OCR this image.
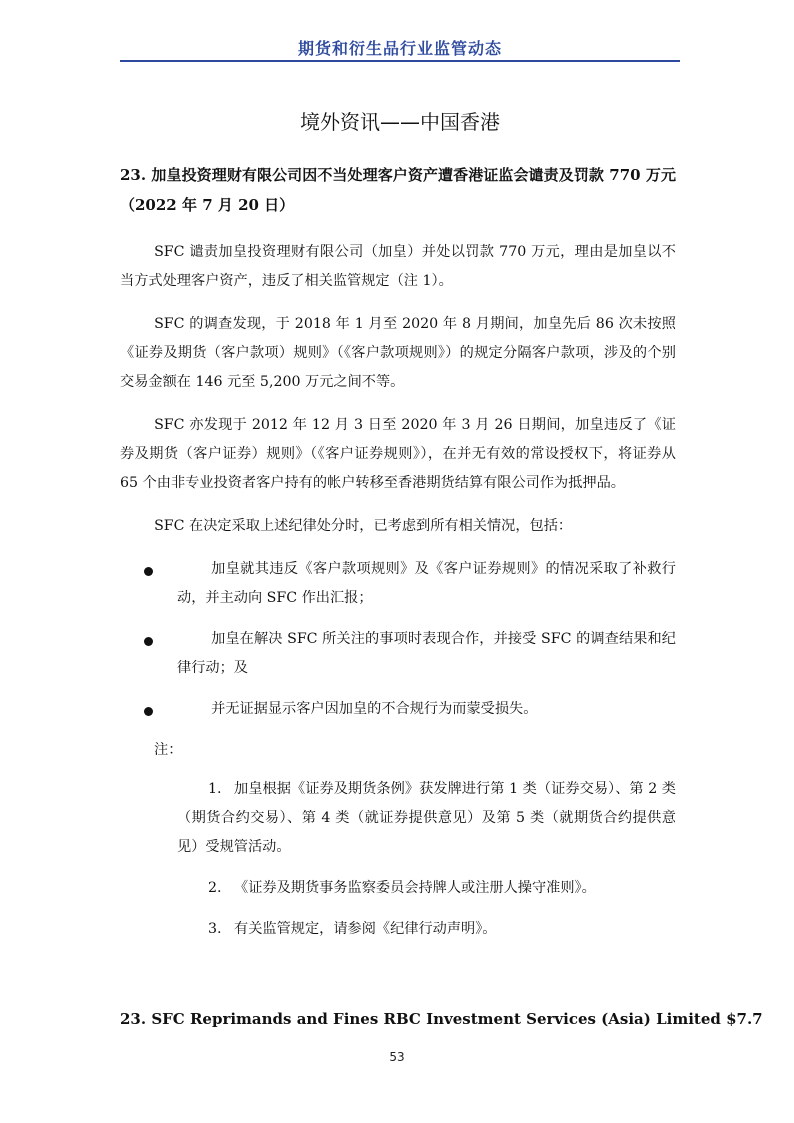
期货和衍生品行业监管动态
境外资讯——中国香港
23. 加皇投资理财有限公司因不当处理客户资产遭香港证监会谴责及罚款 770 万元 （2022 年 7 月 20 日）

SFC 谴责加皇投资理财有限公司（加皇）并处以罚款 770 万元，理由是加皇以不当方式处理客户资产，违反了相关监管规定（注 1）。

SFC 的调查发现，于 2018 年 1 月至 2020 年 8 月期间，加皇先后 86 次未按照《证券及期货（客户款项）规则》（《客户款项规则》）的规定分隔客户款项，涉及的个别交易金额在 146 元至 5,200 万元之间不等。

SFC 亦发现于 2012 年 12 月 3 日至 2020 年 3 月 26 日期间，加皇违反了《证券及期货（客户证券）规则》（《客户证券规则》），在并无有效的常设授权下，将证券从 65 个由非专业投资者客户持有的帐户转移至香港期货结算有限公司作为抵押品。

SFC 在决定采取上述纪律处分时，已考虑到所有相关情况，包括：

加皇就其违反《客户款项规则》及《客户证券规则》的情况采取了补救行动，并主动向 SFC 作出汇报；
加皇在解决 SFC 所关注的事项时表现合作，并接受 SFC 的调查结果和纪律行动；及
并无证据显示客户因加皇的不合规行为而蒙受损失。
注：
1. 加皇根据《证券及期货条例》获发牌进行第 1 类（证券交易）、第 2 类（期货合约交易）、第 4 类（就证券提供意见）及第 5 类（就期货合约提供意见）受规管活动。
2. 《证券及期货事务监察委员会持牌人或注册人操守准则》。
3. 有关监管规定，请参阅《纪律行动声明》。
23. SFC Reprimands and Fines RBC Investment Services (Asia) Limited $7.7
53
